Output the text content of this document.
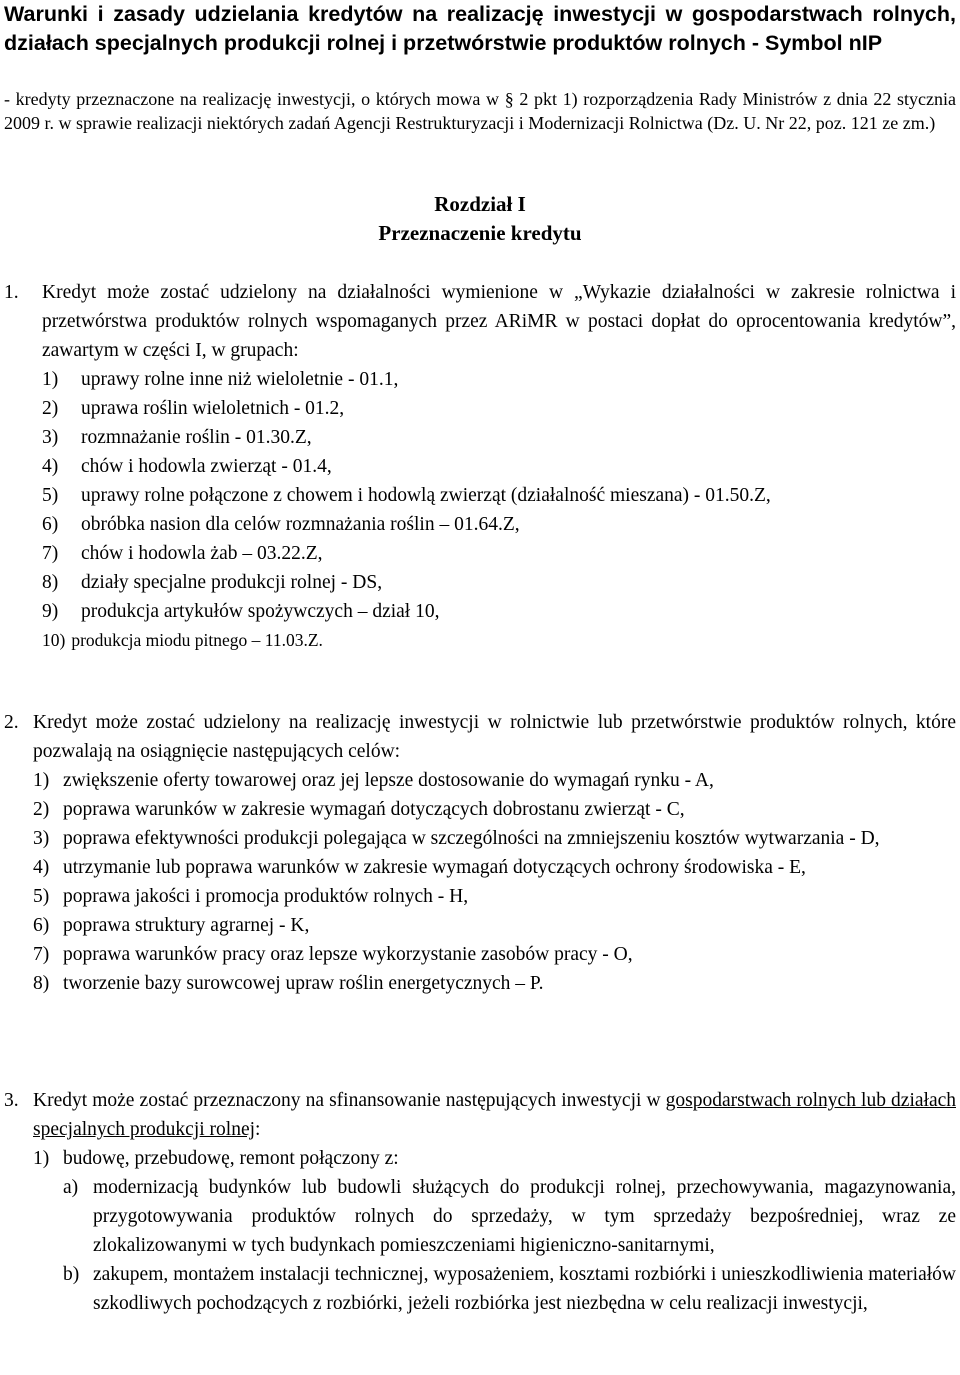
Warunki i zasady udzielania kredytów na realizację inwestycji w gospodarstwach rolnych, działach specjalnych produkcji rolnej i przetwórstwie produktów rolnych - Symbol nIP
- kredyty przeznaczone na realizację inwestycji, o których mowa w § 2 pkt 1) rozporządzenia Rady Ministrów z dnia 22 stycznia 2009 r. w sprawie realizacji niektórych zadań Agencji Restrukturyzacji i Modernizacji Rolnictwa (Dz. U. Nr 22, poz. 121 ze zm.)
Rozdział I
Przeznaczenie kredytu
1. Kredyt może zostać udzielony na działalności wymienione w „Wykazie działalności w zakresie rolnictwa i przetwórstwa produktów rolnych wspomaganych przez ARiMR w postaci dopłat do oprocentowania kredytów”, zawartym w części I, w grupach:
1) uprawy rolne inne niż wieloletnie - 01.1,
2) uprawa roślin wieloletnich - 01.2,
3) rozmnażanie roślin - 01.30.Z,
4) chów i hodowla zwierząt - 01.4,
5) uprawy rolne połączone z chowem i hodowlą zwierząt (działalność mieszana) - 01.50.Z,
6) obróbka nasion dla celów rozmnażania roślin – 01.64.Z,
7) chów i hodowla żab – 03.22.Z,
8) działy specjalne produkcji rolnej - DS,
9) produkcja artykułów spożywczych – dział 10,
10) produkcja miodu pitnego – 11.03.Z.
2. Kredyt może zostać udzielony na realizację inwestycji w rolnictwie lub przetwórstwie produktów rolnych, które pozwalają na osiągnięcie następujących celów:
1) zwiększenie oferty towarowej oraz jej lepsze dostosowanie do wymagań rynku - A,
2) poprawa warunków w zakresie wymagań dotyczących dobrostanu zwierząt - C,
3) poprawa efektywności produkcji polegająca w szczególności na zmniejszeniu kosztów wytwarzania - D,
4) utrzymanie lub poprawa warunków w zakresie wymagań dotyczących ochrony środowiska - E,
5) poprawa jakości i promocja produktów rolnych - H,
6) poprawa struktury agrarnej - K,
7) poprawa warunków pracy oraz lepsze wykorzystanie zasobów pracy - O,
8) tworzenie bazy surowcowej upraw roślin energetycznych – P.
3. Kredyt może zostać przeznaczony na sfinansowanie następujących inwestycji w gospodarstwach rolnych lub działach specjalnych produkcji rolnej:
1) budowę, przebudowę, remont połączony z:
a) modernizacją budynków lub budowli służących do produkcji rolnej, przechowywania, magazynowania, przygotowywania produktów rolnych do sprzedaży, w tym sprzedaży bezpośredniej, wraz ze zlokalizowanymi w tych budynkach pomieszczeniami higieniczno-sanitarnymi,
b) zakupem, montażem instalacji technicznej, wyposażeniem, kosztami rozbiórki i unieszkodliwienia materiałów szkodliwych pochodzących z rozbiórki, jeżeli rozbiórka jest niezbędna w celu realizacji inwestycji,
